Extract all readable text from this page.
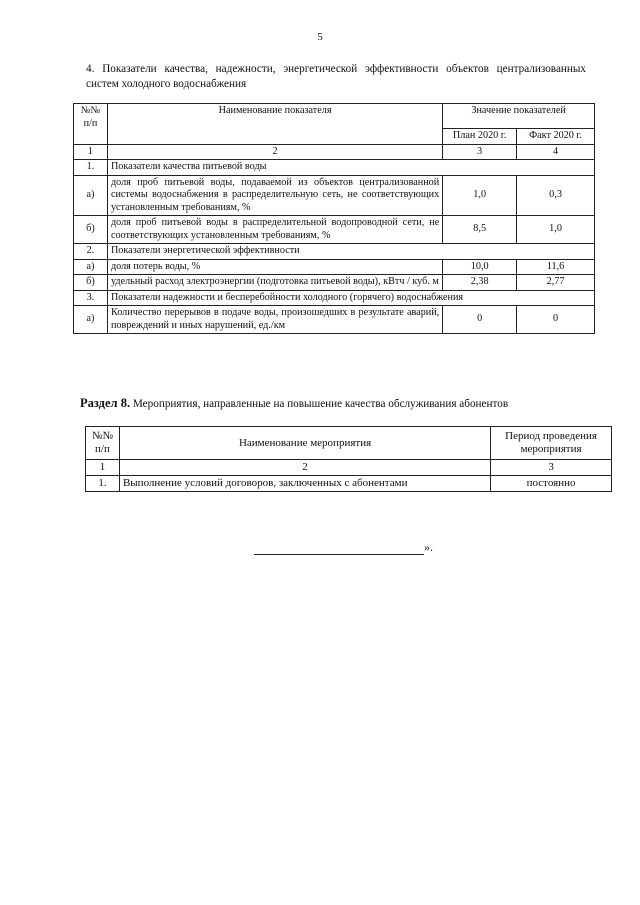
5
4. Показатели качества, надежности, энергетической эффективности объектов централизованных систем холодного водоснабжения
№№ п/п	Наименование показателя	Значение показателей	
		План 2020 г.	Факт 2020 г.
1	2	3	4
1.	Показатели качества питьевой воды		
а)	доля проб питьевой воды, подаваемой из объектов централизованной системы водоснабжения в распределительную сеть, не соответствующих установленным требованиям, %	1,0	0,3
б)	доля проб питьевой воды в распределительной водопроводной сети, не соответствующих установленным требованиям, %	8,5	1,0
2.	Показатели энергетической эффективности		
а)	доля потерь воды, %	10,0	11,6
б)	удельный расход электроэнергии (подготовка питьевой воды), кВтч / куб. м	2,38	2,77
3.	Показатели надежности и бесперебойности холодного (горячего) водоснабжения		
а)	Количество перерывов в подаче воды, произошедших в результате аварий, повреждений и иных нарушений, ед./км	0	0
Раздел 8. Мероприятия, направленные на повышение качества обслуживания абонентов
№№ п/п	Наименование мероприятия	Период проведения мероприятия
1	2	3
1.	Выполнение условий договоров, заключенных с абонентами	постоянно
».
